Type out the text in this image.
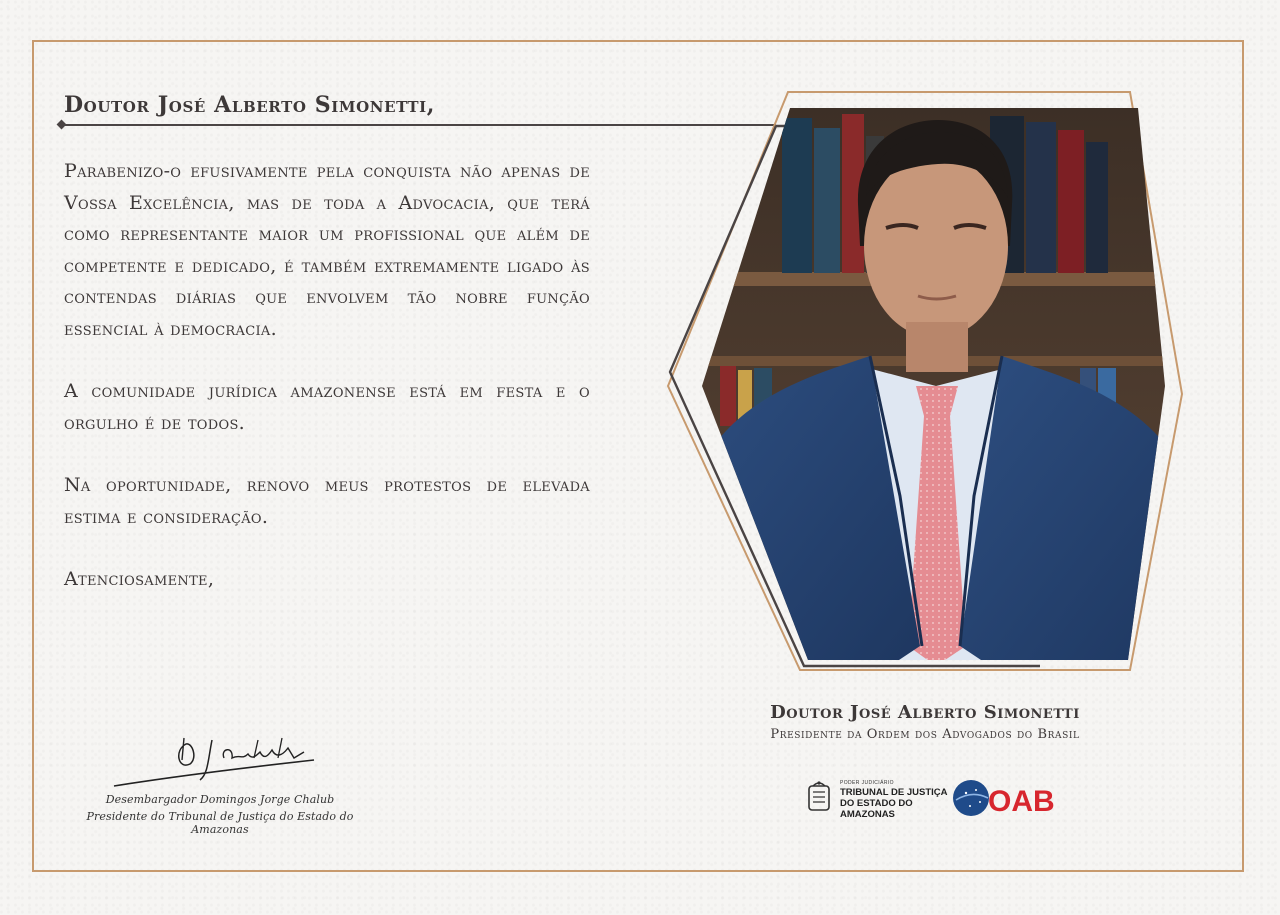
Doutor José Alberto Simonetti,

Parabenizo-o efusivamente pela conquista não apenas de Vossa Excelência, mas de toda a Advocacia, que terá como representante maior um profissional que além de competente e dedicado, é também extremamente ligado às contendas diárias que envolvem tão nobre função essencial à democracia.

A comunidade jurídica amazonense está em festa e o orgulho é de todos.

Na oportunidade, renovo meus protestos de elevada estima e consideração.

Atenciosamente,

Desembargador Domingos Jorge Chalub

Presidente do Tribunal de Justiça do Estado do Amazonas

Doutor José Alberto Simonetti

Presidente da Ordem dos Advogados do Brasil

PODER JUDICIÁRIO
TRIBUNAL DE JUSTIÇA
DO ESTADO DO AMAZONAS	OAB
